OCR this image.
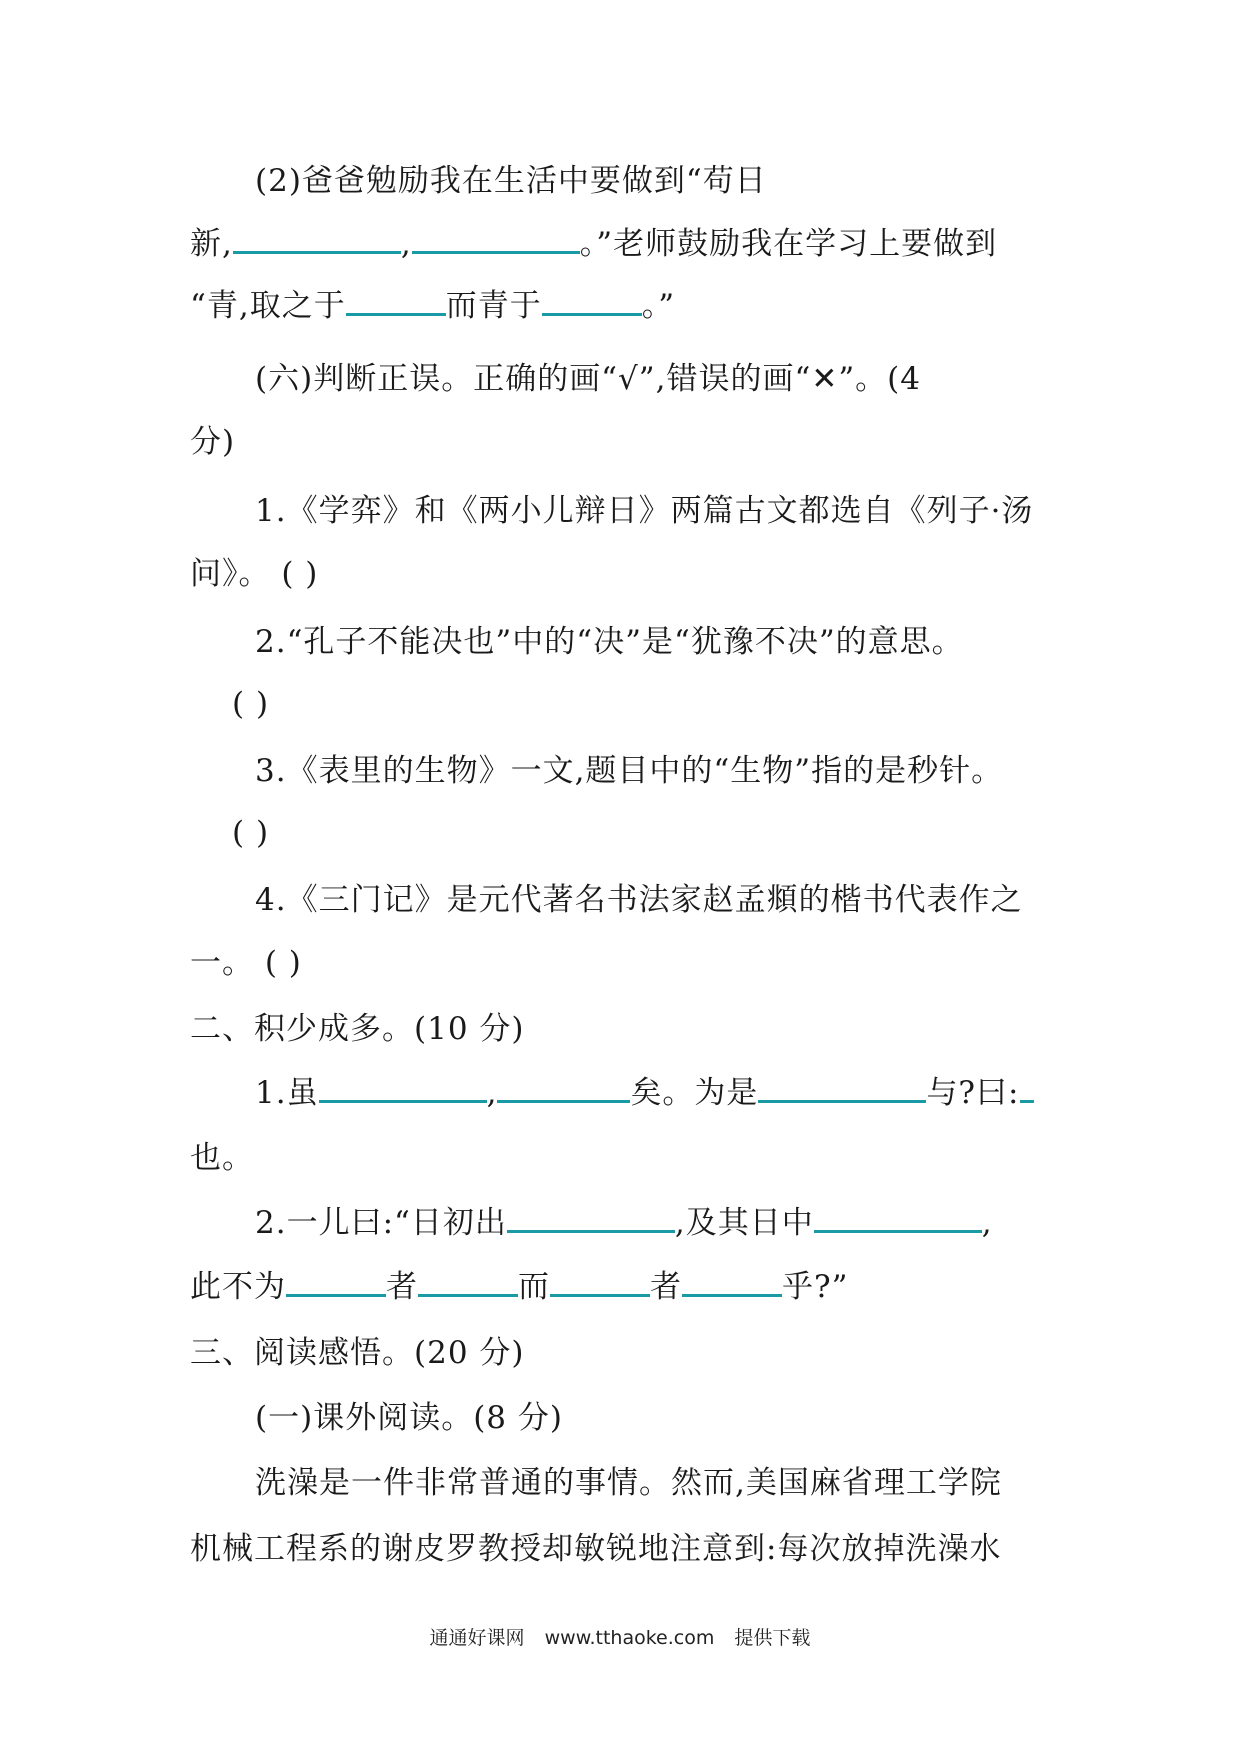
(2)爸爸勉励我在生活中要做到“苟日
新,	,	。”老师鼓励我在学习上要做到
“青,取之于	而青于	。”
(六)判断正误。正确的画“√”,错误的画“✕”。(4
分)
1.《学弈》和《两小儿辩日》两篇古文都选自《列子·汤
问》。 ( )
2.“孔子不能决也”中的“决”是“犹豫不决”的意思。
( )
3.《表里的生物》一文,题目中的“生物”指的是秒针。
( )
4.《三门记》是元代著名书法家赵孟頫的楷书代表作之
一。 ( )
二、积少成多。(10 分)
1.虽	,	矣。为是	与?曰:
也。
2.一儿曰:“日初出	,及其日中	,
此不为	者	而	者	乎?”
三、阅读感悟。(20 分)
(一)课外阅读。(8 分)
洗澡是一件非常普通的事情。然而,美国麻省理工学院
机械工程系的谢皮罗教授却敏锐地注意到:每次放掉洗澡水
通通好课网 www.tthaoke.com 提供下载
